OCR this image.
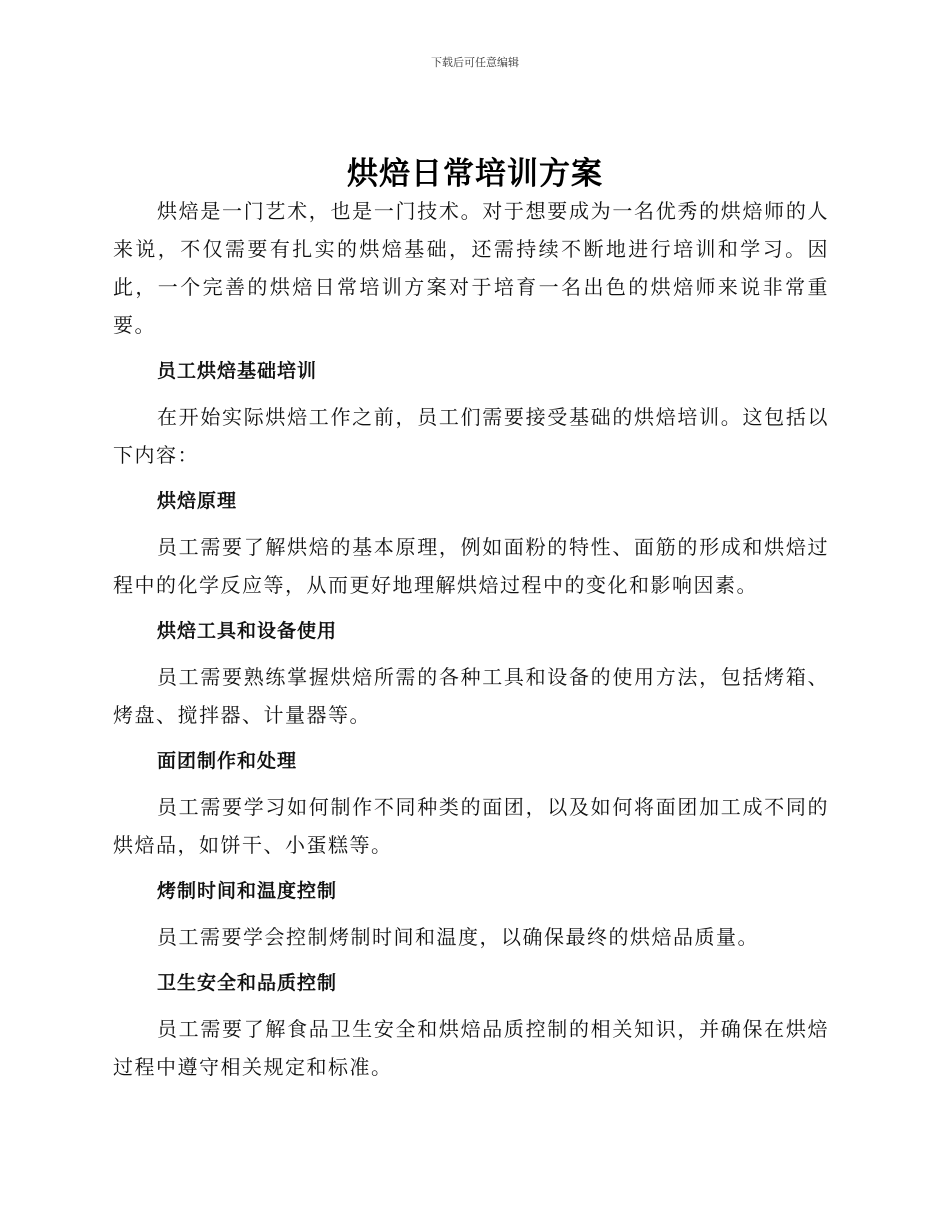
下载后可任意编辑
烘焙日常培训方案

烘焙是一门艺术，也是一门技术。对于想要成为一名优秀的烘焙师的人来说，不仅需要有扎实的烘焙基础，还需持续不断地进行培训和学习。因此，一个完善的烘焙日常培训方案对于培育一名出色的烘焙师来说非常重要。

员工烘焙基础培训

在开始实际烘焙工作之前，员工们需要接受基础的烘焙培训。这包括以下内容：

烘焙原理

员工需要了解烘焙的基本原理，例如面粉的特性、面筋的形成和烘焙过程中的化学反应等，从而更好地理解烘焙过程中的变化和影响因素。

烘焙工具和设备使用

员工需要熟练掌握烘焙所需的各种工具和设备的使用方法，包括烤箱、烤盘、搅拌器、计量器等。

面团制作和处理

员工需要学习如何制作不同种类的面团，以及如何将面团加工成不同的烘焙品，如饼干、小蛋糕等。

烤制时间和温度控制

员工需要学会控制烤制时间和温度，以确保最终的烘焙品质量。

卫生安全和品质控制

员工需要了解食品卫生安全和烘焙品质控制的相关知识，并确保在烘焙过程中遵守相关规定和标准。
